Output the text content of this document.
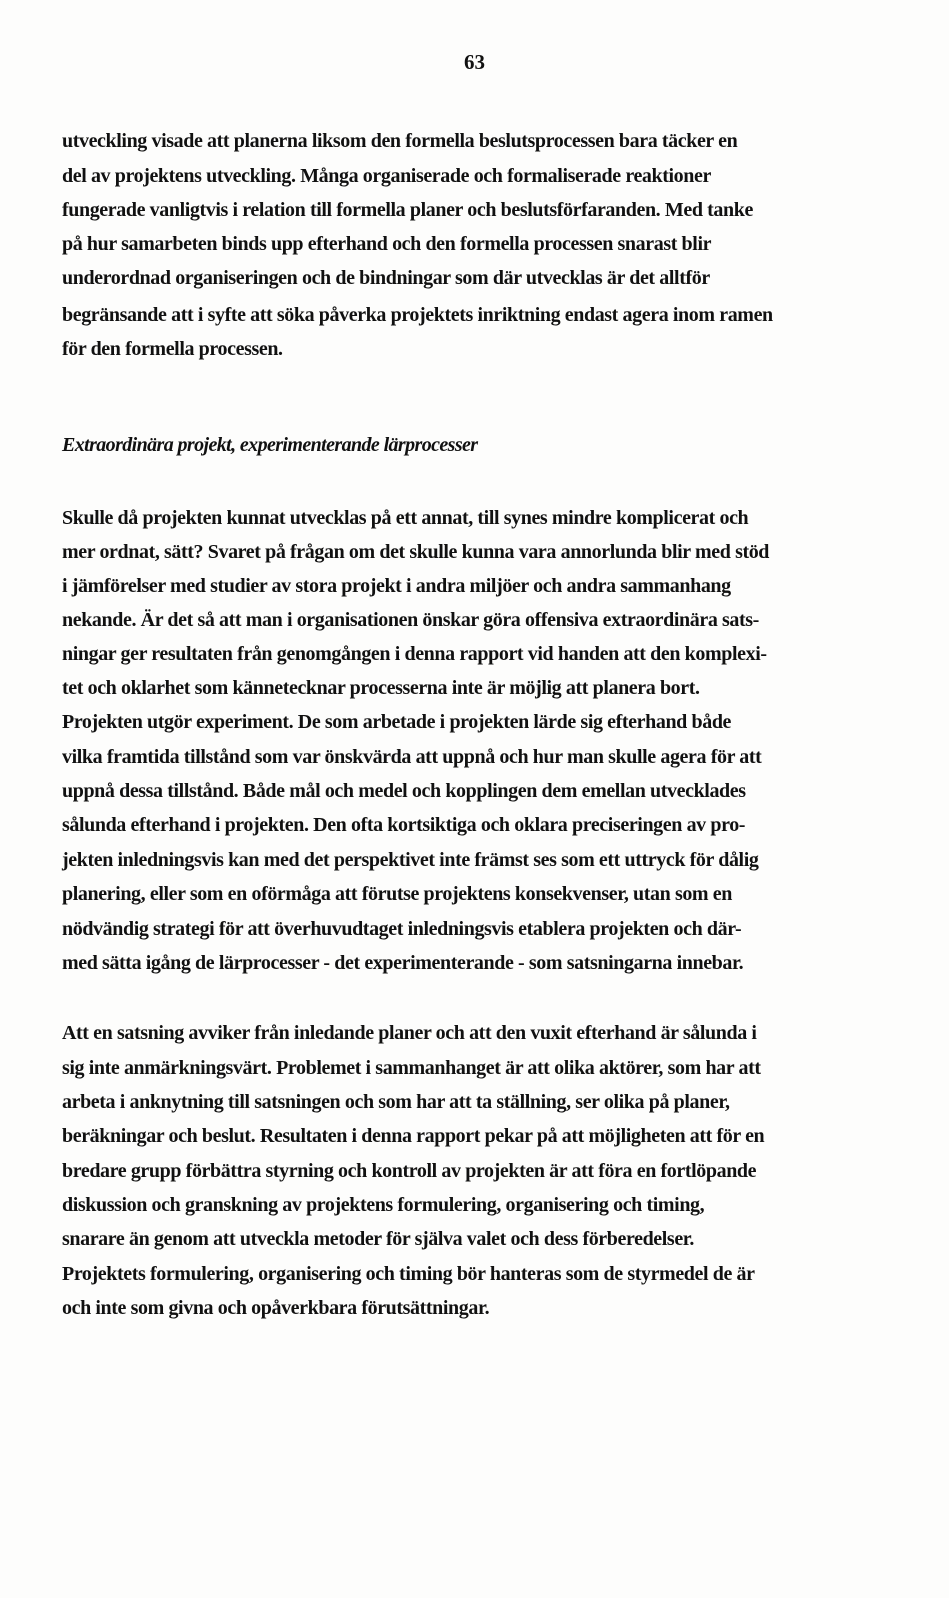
63
utveckling visade att planerna liksom den formella beslutsprocessen bara täcker en
del av projektens utveckling. Många organiserade och formaliserade reaktioner
fungerade vanligtvis i relation till formella planer och beslutsförfaranden. Med tanke
på hur samarbeten binds upp efterhand och den formella processen snarast blir
underordnad organiseringen och de bindningar som där utvecklas är det alltför
begränsande att i syfte att söka påverka projektets inriktning endast agera inom ramen
för den formella processen.
Extraordinära projekt, experimenterande lärprocesser
Skulle då projekten kunnat utvecklas på ett annat, till synes mindre komplicerat och
mer ordnat, sätt? Svaret på frågan om det skulle kunna vara annorlunda blir med stöd
i jämförelser med studier av stora projekt i andra miljöer och andra sammanhang
nekande. Är det så att man i organisationen önskar göra offensiva extraordinära sats-
ningar ger resultaten från genomgången i denna rapport vid handen att den komplexi-
tet och oklarhet som kännetecknar processerna inte är möjlig att planera bort.
Projekten utgör experiment. De som arbetade i projekten lärde sig efterhand både
vilka framtida tillstånd som var önskvärda att uppnå och hur man skulle agera för att
uppnå dessa tillstånd. Både mål och medel och kopplingen dem emellan utvecklades
sålunda efterhand i projekten. Den ofta kortsiktiga och oklara preciseringen av pro-
jekten inledningsvis kan med det perspektivet inte främst ses som ett uttryck för dålig
planering, eller som en oförmåga att förutse projektens konsekvenser, utan som en
nödvändig strategi för att överhuvudtaget inledningsvis etablera projekten och där-
med sätta igång de lärprocesser - det experimenterande - som satsningarna innebar.
Att en satsning avviker från inledande planer och att den vuxit efterhand är sålunda i
sig inte anmärkningsvärt. Problemet i sammanhanget är att olika aktörer, som har att
arbeta i anknytning till satsningen och som har att ta ställning, ser olika på planer,
beräkningar och beslut. Resultaten i denna rapport pekar på att möjligheten att för en
bredare grupp förbättra styrning och kontroll av projekten är att föra en fortlöpande
diskussion och granskning av projektens formulering, organisering och timing,
snarare än genom att utveckla metoder för själva valet och dess förberedelser.
Projektets formulering, organisering och timing bör hanteras som de styrmedel de är
och inte som givna och opåverkbara förutsättningar.
